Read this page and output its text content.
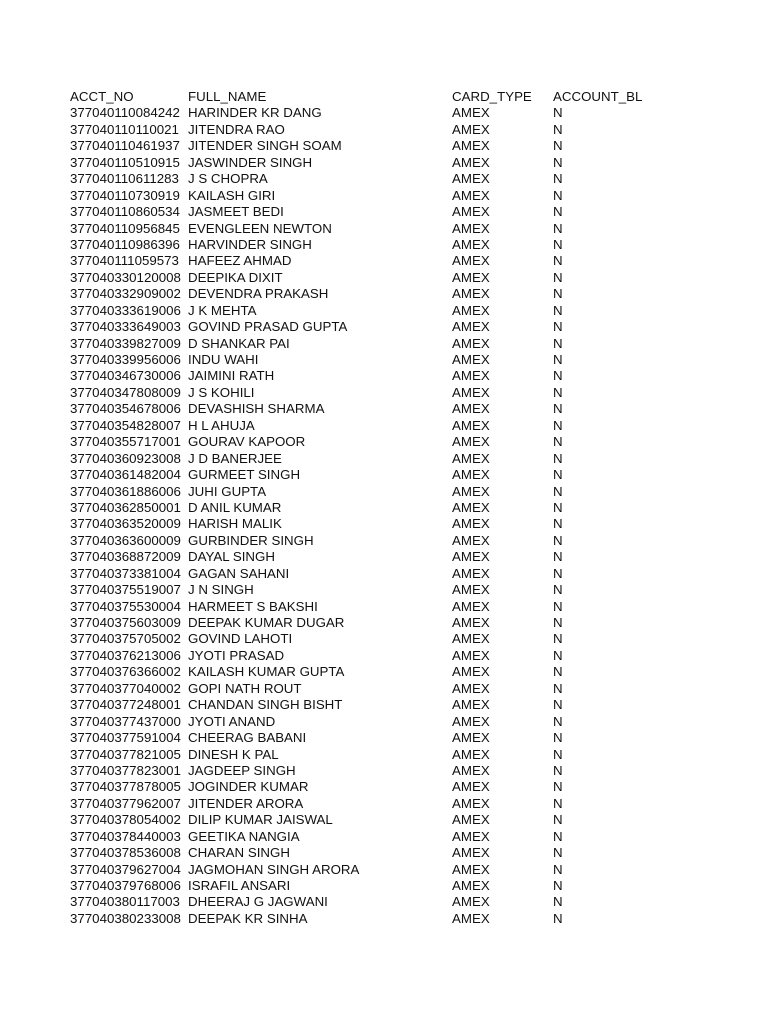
ACCT_NO	FULL_NAME	CARD_TYPE ACCOUNT_BL
377040110084242 HARINDER KR DANG	AMEX	N
377040110110021 JITENDRA RAO	AMEX	N
377040110461937 JITENDER SINGH SOAM	AMEX	N
377040110510915 JASWINDER SINGH	AMEX	N
377040110611283 J S CHOPRA	AMEX	N
377040110730919 KAILASH GIRI	AMEX	N
377040110860534 JASMEET BEDI	AMEX	N
377040110956845 EVENGLEEN NEWTON	AMEX	N
377040110986396 HARVINDER SINGH	AMEX	N
377040111059573 HAFEEZ AHMAD	AMEX	N
377040330120008 DEEPIKA DIXIT	AMEX	N
377040332909002 DEVENDRA PRAKASH	AMEX	N
377040333619006 J K MEHTA	AMEX	N
377040333649003 GOVIND PRASAD GUPTA	AMEX	N
377040339827009 D SHANKAR PAI	AMEX	N
377040339956006 INDU WAHI	AMEX	N
377040346730006 JAIMINI RATH	AMEX	N
377040347808009 J S KOHILI	AMEX	N
377040354678006 DEVASHISH SHARMA	AMEX	N
377040354828007 H L AHUJA	AMEX	N
377040355717001 GOURAV KAPOOR	AMEX	N
377040360923008 J D BANERJEE	AMEX	N
377040361482004 GURMEET SINGH	AMEX	N
377040361886006 JUHI GUPTA	AMEX	N
377040362850001 D ANIL KUMAR	AMEX	N
377040363520009 HARISH MALIK	AMEX	N
377040363600009 GURBINDER SINGH	AMEX	N
377040368872009 DAYAL SINGH	AMEX	N
377040373381004 GAGAN SAHANI	AMEX	N
377040375519007 J N SINGH	AMEX	N
377040375530004 HARMEET S BAKSHI	AMEX	N
377040375603009 DEEPAK KUMAR DUGAR	AMEX	N
377040375705002 GOVIND LAHOTI	AMEX	N
377040376213006 JYOTI PRASAD	AMEX	N
377040376366002 KAILASH KUMAR GUPTA	AMEX	N
377040377040002 GOPI NATH ROUT	AMEX	N
377040377248001 CHANDAN SINGH BISHT	AMEX	N
377040377437000 JYOTI ANAND	AMEX	N
377040377591004 CHEERAG BABANI	AMEX	N
377040377821005 DINESH K PAL	AMEX	N
377040377823001 JAGDEEP SINGH	AMEX	N
377040377878005 JOGINDER KUMAR	AMEX	N
377040377962007 JITENDER ARORA	AMEX	N
377040378054002 DILIP KUMAR JAISWAL	AMEX	N
377040378440003 GEETIKA NANGIA	AMEX	N
377040378536008 CHARAN SINGH	AMEX	N
377040379627004 JAGMOHAN SINGH ARORA	AMEX	N
377040379768006 ISRAFIL ANSARI	AMEX	N
377040380117003 DHEERAJ G JAGWANI	AMEX	N
377040380233008 DEEPAK KR SINHA	AMEX	N
